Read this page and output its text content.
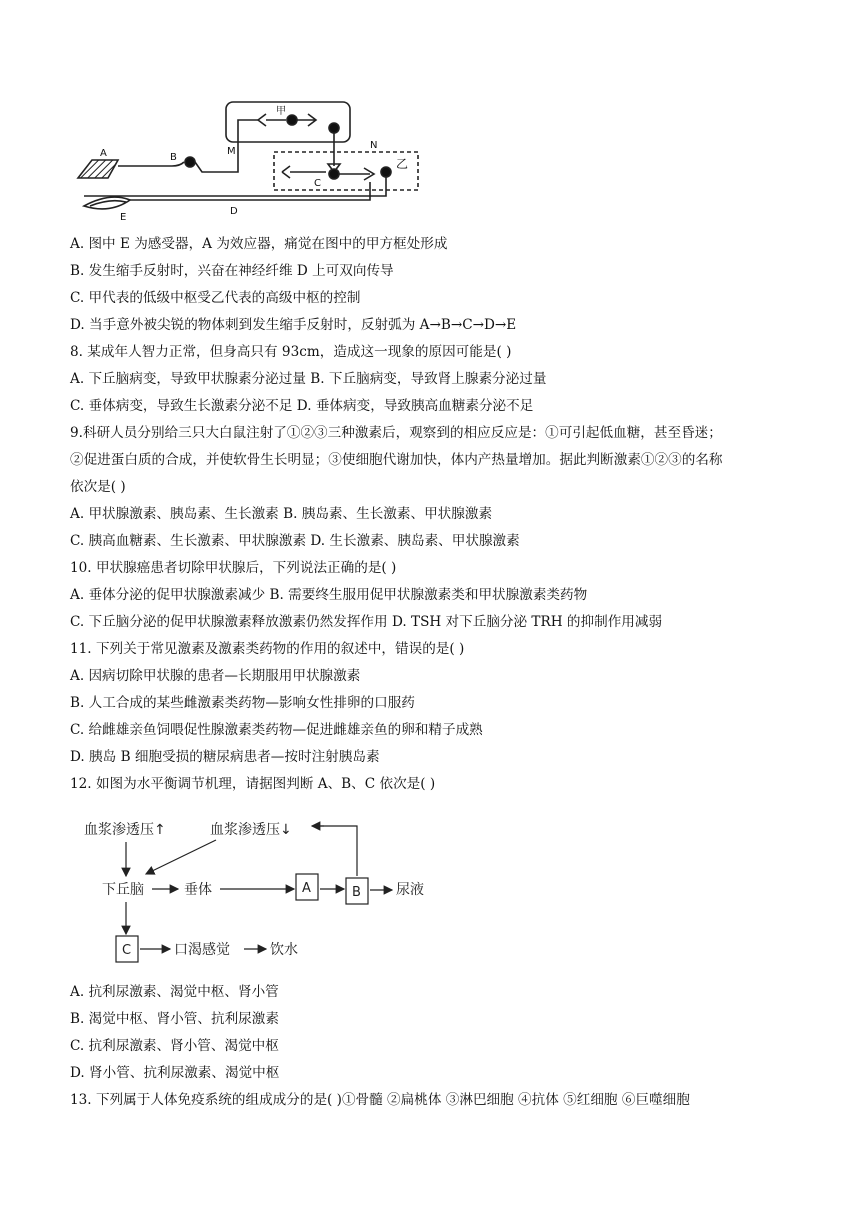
A	B
M
N
甲
乙
C
D
E
A. 图中 E 为感受器，A 为效应器，痛觉在图中的甲方框处形成
B. 发生缩手反射时，兴奋在神经纤维 D 上可双向传导
C. 甲代表的低级中枢受乙代表的高级中枢的控制
D. 当手意外被尖锐的物体刺到发生缩手反射时，反射弧为 A→B→C→D→E
8. 某成年人智力正常，但身高只有 93cm，造成这一现象的原因可能是( )
A. 下丘脑病变，导致甲状腺素分泌过量 B. 下丘脑病变，导致肾上腺素分泌过量
C. 垂体病变，导致生长激素分泌不足 D. 垂体病变，导致胰高血糖素分泌不足
9.科研人员分别给三只大白鼠注射了①②③三种激素后，观察到的相应反应是：①可引起低血糖，甚至昏迷；
②促进蛋白质的合成，并使软骨生长明显；③使细胞代谢加快，体内产热量增加。据此判断激素①②③的名称
依次是( )
A. 甲状腺激素、胰岛素、生长激素 B. 胰岛素、生长激素、甲状腺激素
C. 胰高血糖素、生长激素、甲状腺激素 D. 生长激素、胰岛素、甲状腺激素
10. 甲状腺癌患者切除甲状腺后，下列说法正确的是( )
A. 垂体分泌的促甲状腺激素减少 B. 需要终生服用促甲状腺激素类和甲状腺激素类药物
C. 下丘脑分泌的促甲状腺激素释放激素仍然发挥作用 D. TSH 对下丘脑分泌 TRH 的抑制作用减弱
11. 下列关于常见激素及激素类药物的作用的叙述中，错误的是( )
A. 因病切除甲状腺的患者—长期服用甲状腺激素
B. 人工合成的某些雌激素类药物—影响女性排卵的口服药
C. 给雌雄亲鱼饲喂促性腺激素类药物—促进雌雄亲鱼的卵和精子成熟
D. 胰岛 B 细胞受损的糖尿病患者—按时注射胰岛素
12. 如图为水平衡调节机理，请据图判断 A、B、C 依次是( )
血浆渗透压↑	血浆渗透压↓
下丘脑	垂体	尿液
口渴感觉	饮水
A	B
C
A. 抗利尿激素、渴觉中枢、肾小管
B. 渴觉中枢、肾小管、抗利尿激素
C. 抗利尿激素、肾小管、渴觉中枢
D. 肾小管、抗利尿激素、渴觉中枢
13. 下列属于人体免疫系统的组成成分的是( )①骨髓 ②扁桃体 ③淋巴细胞 ④抗体 ⑤红细胞 ⑥巨噬细胞
